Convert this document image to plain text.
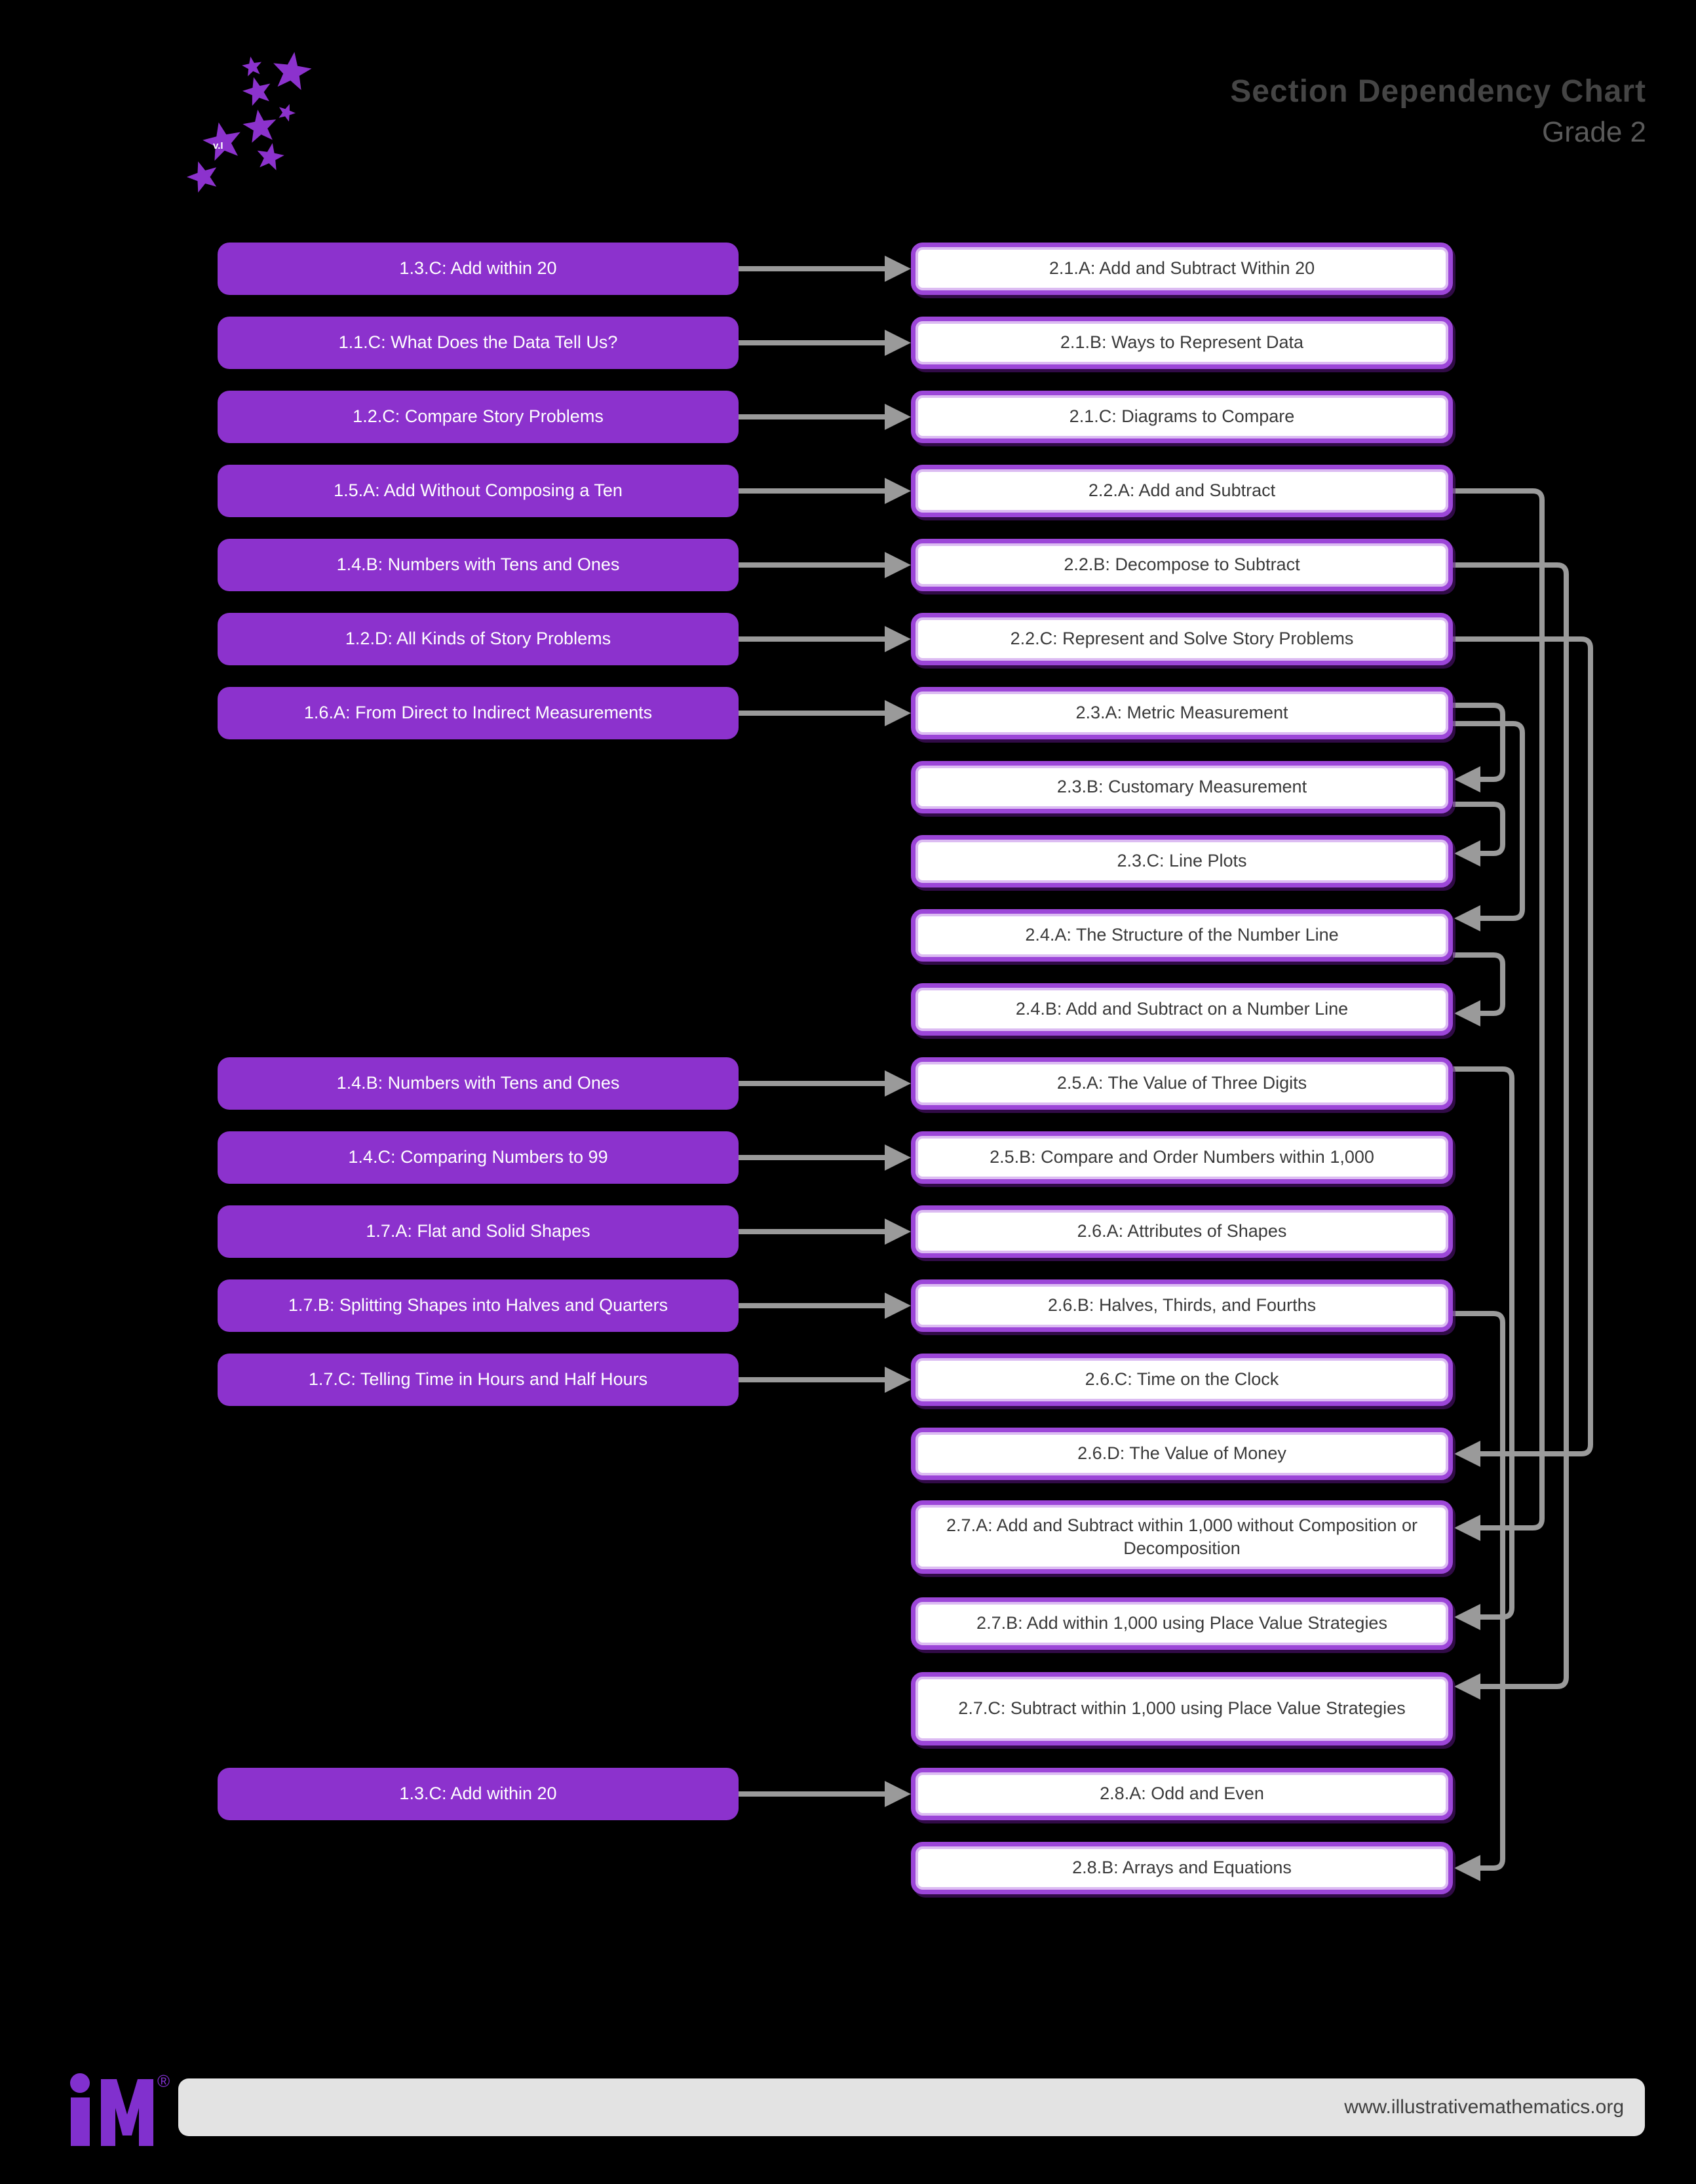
v.I
Section Dependency Chart
Grade 2
1.3.C: Add within 20
1.1.C: What Does the Data Tell Us?
1.2.C: Compare Story Problems
1.5.A: Add Without Composing a Ten
1.4.B: Numbers with Tens and Ones
1.2.D: All Kinds of Story Problems
1.6.A: From Direct to Indirect Measurements
1.4.B: Numbers with Tens and Ones
1.4.C: Comparing Numbers to 99
1.7.A: Flat and Solid Shapes
1.7.B: Splitting Shapes into Halves and Quarters
1.7.C: Telling Time in Hours and Half Hours
1.3.C: Add within 20
2.1.A: Add and Subtract Within 20
2.1.B: Ways to Represent Data
2.1.C: Diagrams to Compare
2.2.A: Add and Subtract
2.2.B: Decompose to Subtract
2.2.C: Represent and Solve Story Problems
2.3.A: Metric Measurement
2.3.B: Customary Measurement
2.3.C: Line Plots
2.4.A: The Structure of the Number Line
2.4.B: Add and Subtract on a Number Line
2.5.A: The Value of Three Digits
2.5.B: Compare and Order Numbers within 1,000
2.6.A: Attributes of Shapes
2.6.B: Halves, Thirds, and Fourths
2.6.C: Time on the Clock
2.6.D: The Value of Money
2.7.A: Add and Subtract within 1,000 without Composition or Decomposition
2.7.B: Add within 1,000 using Place Value Strategies
2.7.C: Subtract within 1,000 using Place Value Strategies
2.8.A: Odd and Even
2.8.B: Arrays and Equations
®
www.illustrativemathematics.org
